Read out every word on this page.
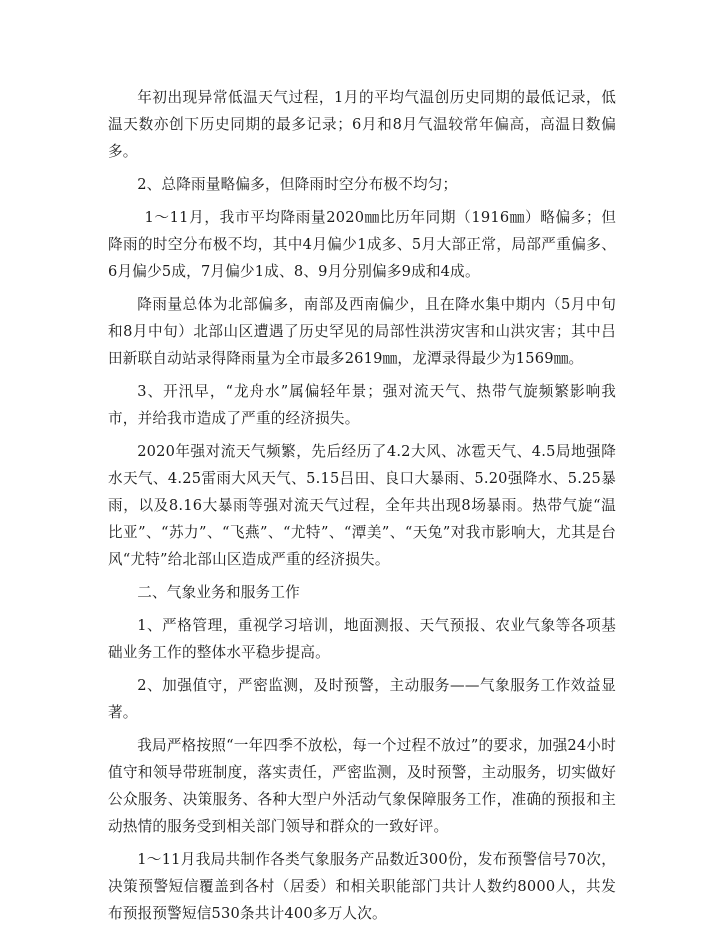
年初出现异常低温天气过程，1月的平均气温创历史同期的最低记录，低温天数亦创下历史同期的最多记录；6月和8月气温较常年偏高，高温日数偏多。

2、总降雨量略偏多，但降雨时空分布极不均匀；

1～11月，我市平均降雨量2020㎜比历年同期（1916㎜）略偏多；但降雨的时空分布极不均，其中4月偏少1成多、5月大部正常，局部严重偏多、6月偏少5成，7月偏少1成、8、9月分别偏多9成和4成。

降雨量总体为北部偏多，南部及西南偏少，且在降水集中期内（5月中旬和8月中旬）北部山区遭遇了历史罕见的局部性洪涝灾害和山洪灾害；其中吕田新联自动站录得降雨量为全市最多2619㎜，龙潭录得最少为1569㎜。

3、开汛早，“龙舟水”属偏轻年景；强对流天气、热带气旋频繁影响我市，并给我市造成了严重的经济损失。

2020年强对流天气频繁，先后经历了4.2大风、冰雹天气、4.5局地强降水天气、4.25雷雨大风天气、5.15吕田、良口大暴雨、5.20强降水、5.25暴雨，以及8.16大暴雨等强对流天气过程，全年共出现8场暴雨。热带气旋“温比亚”、“苏力”、“飞燕”、“尤特”、“潭美”、“天兔”对我市影响大，尤其是台风“尤特”给北部山区造成严重的经济损失。

二、气象业务和服务工作

1、严格管理，重视学习培训，地面测报、天气预报、农业气象等各项基础业务工作的整体水平稳步提高。

2、加强值守，严密监测，及时预警，主动服务——气象服务工作效益显著。

我局严格按照“一年四季不放松，每一个过程不放过”的要求，加强24小时值守和领导带班制度，落实责任，严密监测，及时预警，主动服务，切实做好公众服务、决策服务、各种大型户外活动气象保障服务工作，准确的预报和主动热情的服务受到相关部门领导和群众的一致好评。

1～11月我局共制作各类气象服务产品数近300份，发布预警信号70次，决策预警短信覆盖到各村（居委）和相关职能部门共计人数约8000人，共发布预报预警短信530条共计400多万人次。
